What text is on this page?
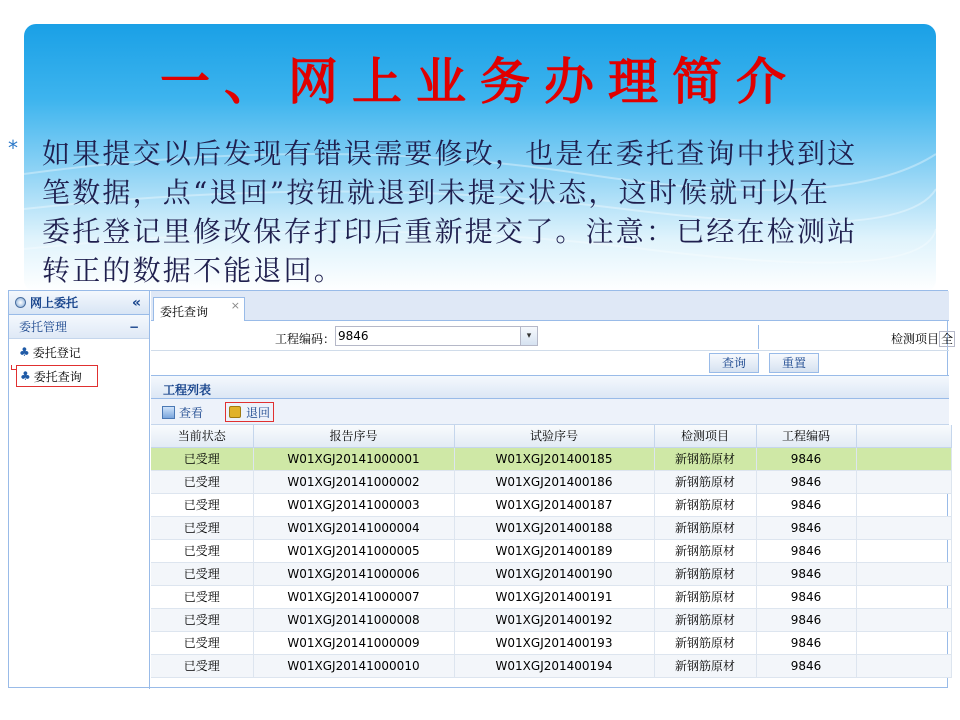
一、网上业务办理简介
* 如果提交以后发现有错误需要修改，也是在委托查询中找到这
笔数据，点“退回”按钮就退到未提交状态，这时候就可以在
委托登记里修改保存打印后重新提交了。注意：已经在检测站
转正的数据不能退回。
网上委托	«
委托管理	−
♣ 委托登记
♣ 委托查询
委托查询 ×
工程编码： 9846	▾	检测项目 全
查询	重置
工程列表
查看	退回
当前状态	报告序号	试验序号	检测项目	工程编码	
已受理	W01XGJ20141000001	W01XGJ201400185	新钢筋原材	9846	
已受理	W01XGJ20141000002	W01XGJ201400186	新钢筋原材	9846	
已受理	W01XGJ20141000003	W01XGJ201400187	新钢筋原材	9846	
已受理	W01XGJ20141000004	W01XGJ201400188	新钢筋原材	9846	
已受理	W01XGJ20141000005	W01XGJ201400189	新钢筋原材	9846	
已受理	W01XGJ20141000006	W01XGJ201400190	新钢筋原材	9846	
已受理	W01XGJ20141000007	W01XGJ201400191	新钢筋原材	9846	
已受理	W01XGJ20141000008	W01XGJ201400192	新钢筋原材	9846	
已受理	W01XGJ20141000009	W01XGJ201400193	新钢筋原材	9846	
已受理	W01XGJ20141000010	W01XGJ201400194	新钢筋原材	9846	
